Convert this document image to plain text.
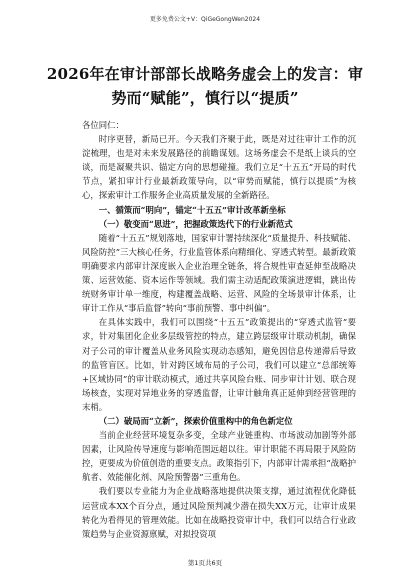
更多免费公文+V：QiGeGongWen2024
2026年在审计部部长战略务虚会上的发言：审势而“赋能”，慎行以“提质”

各位同仁：

时序更替，新局已开。今天我们齐聚于此，既是对过往审计工作的沉淀梳理，也是对未来发展路径的前瞻谋划。这场务虚会不是纸上谈兵的空谈，而是凝聚共识、锚定方向的思想碰撞。我们立足“十五五”开局的时代节点，紧扣审计行业最新政策导向，以“审势而赋能，慎行以提质”为核心，探索审计工作服务企业高质量发展的全新路径。

一、循策而“明向”，锚定“十五五”审计改革新坐标

（一）敬变而“思进”，把握政策迭代下的行业新范式

随着“十五五”规划落地，国家审计署持续深化“质量提升、科技赋能、风险防控”三大核心任务，行业监管体系向精细化、穿透式转型。最新政策明确要求内部审计深度嵌入企业治理全链条，将合规性审查延伸至战略决策、运营效能、资本运作等领域。我们需主动适配政策演进逻辑，跳出传统财务审计单一维度，构建覆盖战略、运营、风险的全场景审计体系，让审计工作从“事后监督”转向“事前预警、事中纠偏”。

在具体实践中，我们可以围绕“十五五”政策提出的“穿透式监管”要求，针对集团化企业多层级管控的特点，建立跨层级审计联动机制，确保对子公司的审计覆盖从业务风险实现动态感知，避免因信息传递滞后导致的监管盲区。比如，针对跨区域布局的子公司，我们可以建立“总部统筹+区域协同”的审计联动模式，通过共享风险台账、同步审计计划、联合现场核查，实现对异地业务的穿透监督，让审计触角真正延伸到经营管理的末梢。

（二）破局而“立新”，探索价值重构中的角色新定位

当前企业经营环境复杂多变，全球产业链重构、市场波动加剧等外部因素，让风险传导速度与影响范围远超以往。审计职能不再局限于风险防控，更要成为价值创造的重要支点。政策指引下，内部审计需承担“战略护航者、效能催化剂、风险预警器”三重角色。

我们要以专业能力为企业战略落地提供决策支撑，通过流程优化降低运营成本XX个百分点，通过风险预判减少潜在损失XX万元，让审计成果转化为看得见的管理效能。比如在战略投资审计中，我们可以结合行业政策趋势与企业资源禀赋，对拟投资项

第1页共6页
